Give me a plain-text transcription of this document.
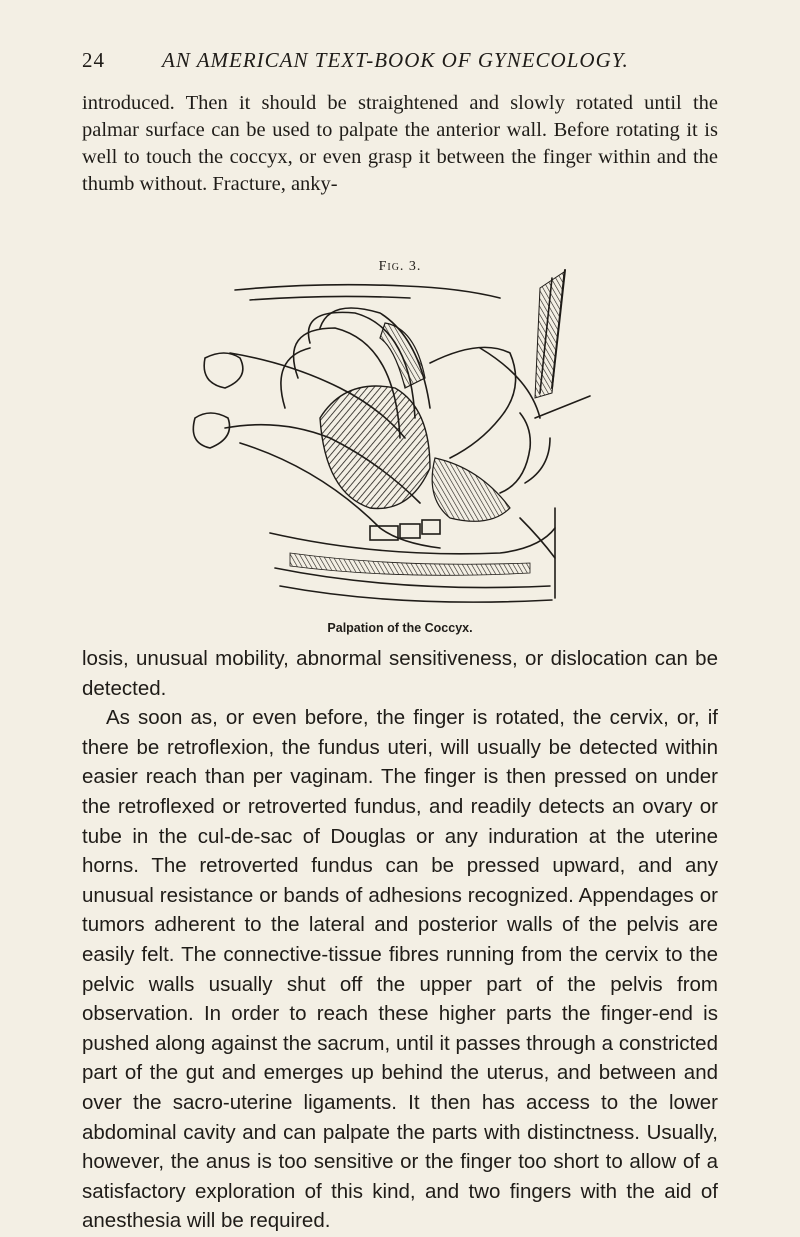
24	AN AMERICAN TEXT-BOOK OF GYNECOLOGY.

introduced. Then it should be straightened and slowly rotated until the palmar surface can be used to palpate the anterior wall. Before rotating it is well to touch the coccyx, or even grasp it between the finger within and the thumb without. Fracture, anky-

Fig. 3.
Palpation of the Coccyx.

losis, unusual mobility, abnormal sensitiveness, or dislocation can be detected.

As soon as, or even before, the finger is rotated, the cervix, or, if there be retroflexion, the fundus uteri, will usually be detected within easier reach than per vaginam. The finger is then pressed on under the retroflexed or retroverted fundus, and readily detects an ovary or tube in the cul-de-sac of Douglas or any induration at the uterine horns. The retroverted fundus can be pressed upward, and any unusual resistance or bands of adhesions recognized. Appendages or tumors adherent to the lateral and posterior walls of the pelvis are easily felt. The connective-tissue fibres running from the cervix to the pelvic walls usually shut off the upper part of the pelvis from observation. In order to reach these higher parts the finger-end is pushed along against the sacrum, until it passes through a constricted part of the gut and emerges up behind the uterus, and between and over the sacro-uterine ligaments. It then has access to the lower abdominal cavity and can palpate the parts with distinctness. Usually, however, the anus is too sensitive or the finger too short to allow of a satisfactory exploration of this kind, and two fingers with the aid of anesthesia will be required.
